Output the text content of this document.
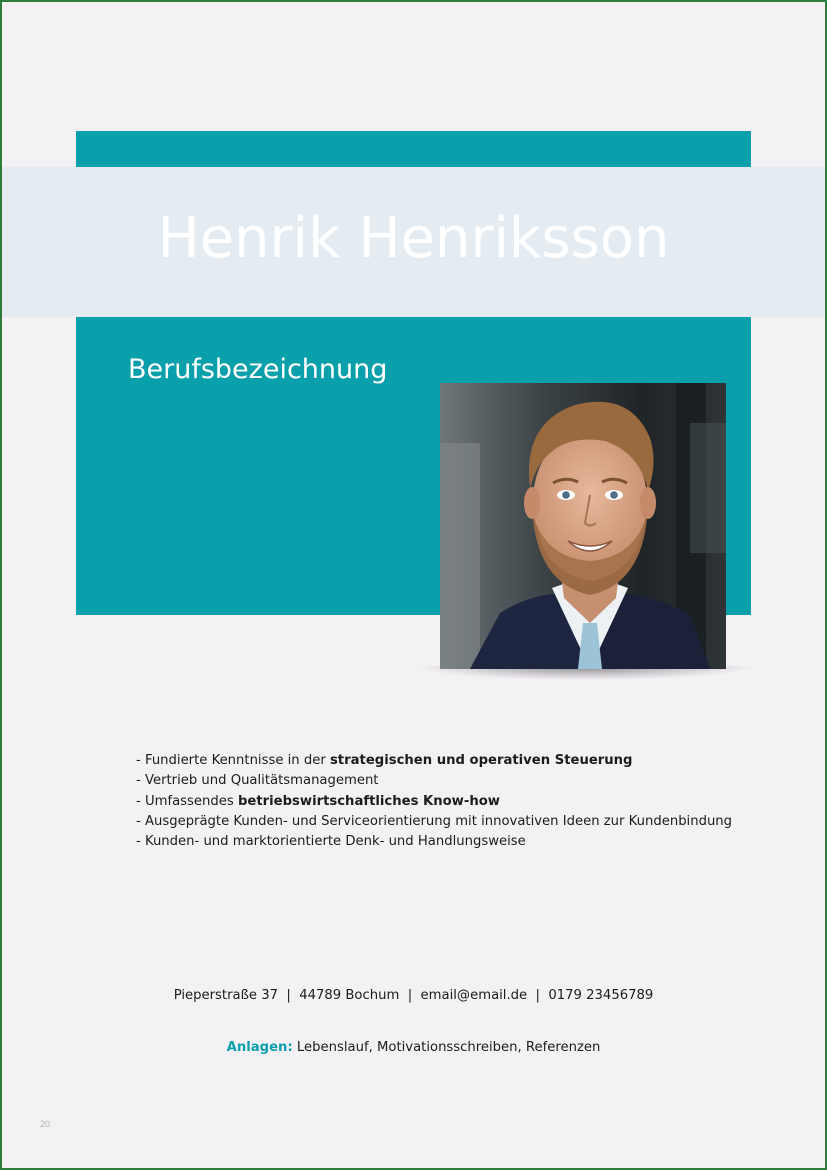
Henrik Henriksson
Berufsbezeichnung
- Fundierte Kenntnisse in der strategischen und operativen Steuerung
- Vertrieb und Qualitätsmanagement
- Umfassendes betriebswirtschaftliches Know-how
- Ausgeprägte Kunden- und Serviceorientierung mit innovativen Ideen zur Kundenbindung
- Kunden- und marktorientierte Denk- und Handlungsweise
Pieperstraße 37 | 44789 Bochum | email@email.de | 0179 23456789
Anlagen: Lebenslauf, Motivationsschreiben, Referenzen
20
